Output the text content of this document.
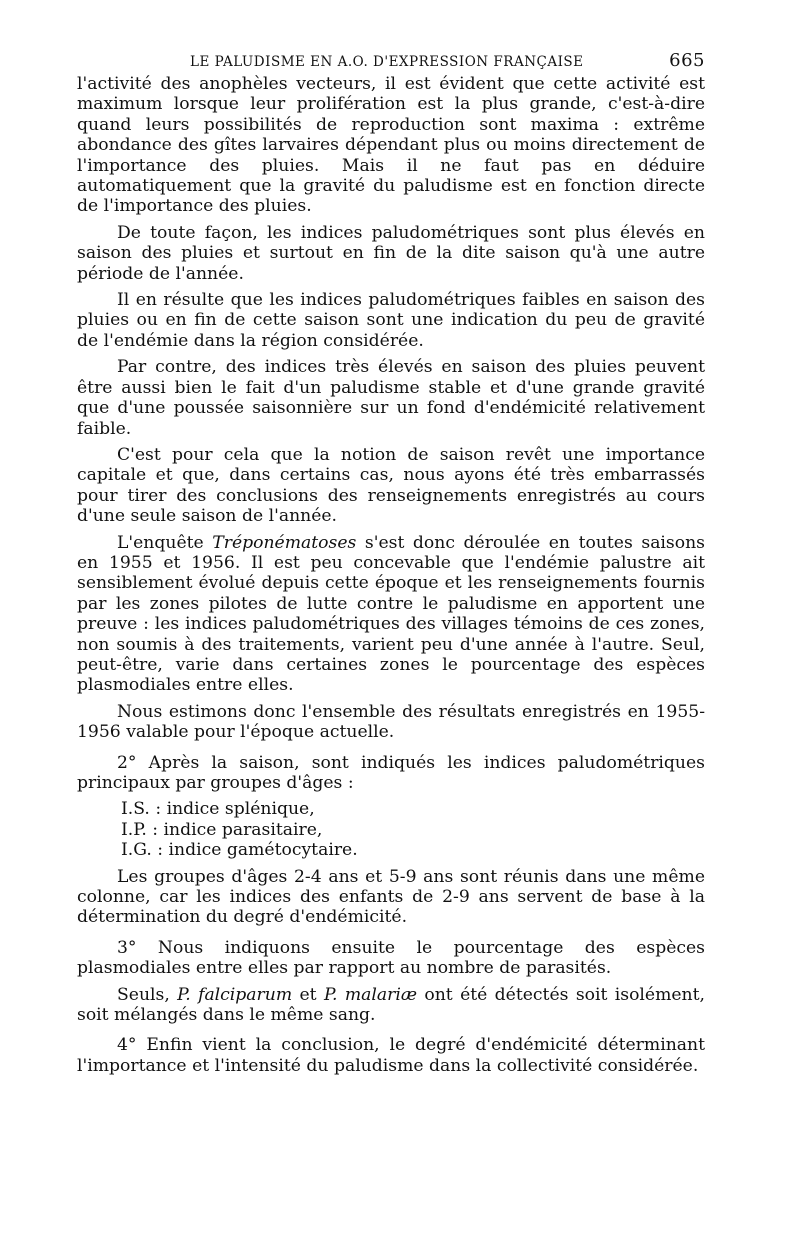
LE PALUDISME EN A.O. D'EXPRESSION FRANÇAISE	665

l'activité des anophèles vecteurs, il est évident que cette activité est maximum lorsque leur prolifération est la plus grande, c'est-à-dire quand leurs possibilités de reproduction sont maxima : extrême abondance des gîtes larvaires dépendant plus ou moins directement de l'importance des pluies. Mais il ne faut pas en déduire automatiquement que la gravité du paludisme est en fonction directe de l'importance des pluies.

De toute façon, les indices paludométriques sont plus élevés en saison des pluies et surtout en fin de la dite saison qu'à une autre période de l'année.

Il en résulte que les indices paludométriques faibles en saison des pluies ou en fin de cette saison sont une indication du peu de gravité de l'endémie dans la région considérée.

Par contre, des indices très élevés en saison des pluies peuvent être aussi bien le fait d'un paludisme stable et d'une grande gravité que d'une poussée saisonnière sur un fond d'endémicité relativement faible.

C'est pour cela que la notion de saison revêt une importance capitale et que, dans certains cas, nous ayons été très embarrassés pour tirer des conclusions des renseignements enregistrés au cours d'une seule saison de l'année.

L'enquête Tréponématoses s'est donc déroulée en toutes saisons en 1955 et 1956. Il est peu concevable que l'endémie palustre ait sensiblement évolué depuis cette époque et les renseignements fournis par les zones pilotes de lutte contre le paludisme en apportent une preuve : les indices paludométriques des villages témoins de ces zones, non soumis à des traitements, varient peu d'une année à l'autre. Seul, peut-être, varie dans certaines zones le pourcentage des espèces plasmodiales entre elles.

Nous estimons donc l'ensemble des résultats enregistrés en 1955-1956 valable pour l'époque actuelle.

2° Après la saison, sont indiqués les indices paludométriques principaux par groupes d'âges :

I.S. : indice splénique,
I.P. : indice parasitaire,
I.G. : indice gamétocytaire.

Les groupes d'âges 2-4 ans et 5-9 ans sont réunis dans une même colonne, car les indices des enfants de 2-9 ans servent de base à la détermination du degré d'endémicité.

3° Nous indiquons ensuite le pourcentage des espèces plasmodiales entre elles par rapport au nombre de parasités.

Seuls, P. falciparum et P. malariæ ont été détectés soit isolément, soit mélangés dans le même sang.

4° Enfin vient la conclusion, le degré d'endémicité déterminant l'importance et l'intensité du paludisme dans la collectivité considérée.
